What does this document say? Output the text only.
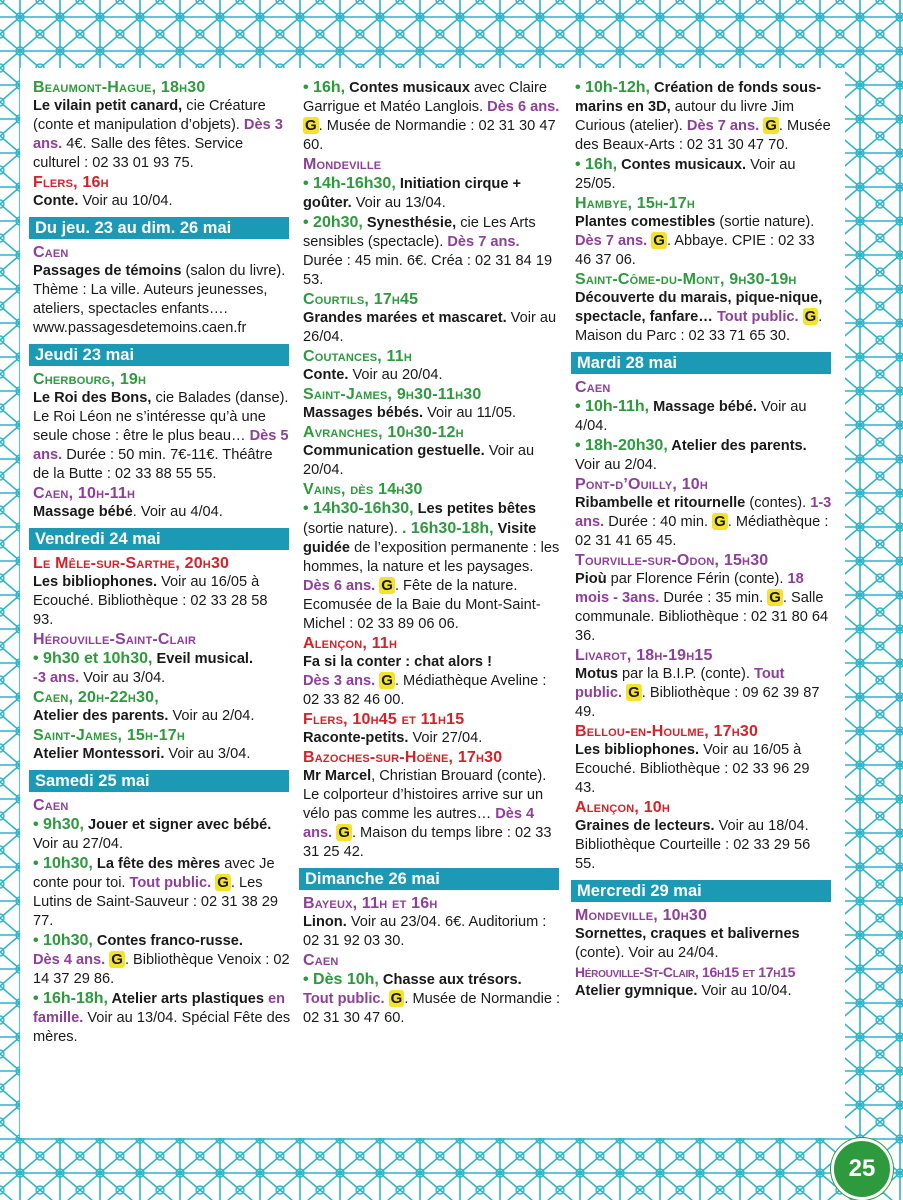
Beaumont-Hague, 18h30

Le vilain petit canard, cie Créature (conte et manipulation d’objets). Dès 3 ans. 4€. Salle des fêtes. Service culturel : 02 33 01 93 75.

Flers, 16h

Conte. Voir au 10/04.

Du jeu. 23 au dim. 26 mai

Caen

Passages de témoins (salon du livre). Thème : La ville. Auteurs jeunesses, ateliers, spectacles enfants…. www.passagesdetemoins.caen.fr

Jeudi 23 mai

Cherbourg, 19h

Le Roi des Bons, cie Balades (danse). Le Roi Léon ne s’intéresse qu’à une seule chose : être le plus beau… Dès 5 ans. Durée : 50 min. 7€-11€. Théâtre de la Butte : 02 33 88 55 55.

Caen, 10h-11h

Massage bébé. Voir au 4/04.

Vendredi 24 mai

Le Mêle-sur-Sarthe, 20h30

Les bibliophones. Voir au 16/05 à Ecouché. Bibliothèque : 02 33 28 58 93.

Hérouville-Saint-Clair

• 9h30 et 10h30, Eveil musical.
-3 ans. Voir au 3/04.

Caen, 20h-22h30,

Atelier des parents. Voir au 2/04.

Saint-James, 15h-17h

Atelier Montessori. Voir au 3/04.

Samedi 25 mai

Caen

• 9h30, Jouer et signer avec bébé. Voir au 27/04.

• 10h30, La fête des mères avec Je conte pour toi. Tout public. G . Les Lutins de Saint-Sauveur : 02 31 38 29 77.

• 10h30, Contes franco-russe.
Dès 4 ans. G . Bibliothèque Venoix : 02 14 37 29 86.

• 16h-18h, Atelier arts plastiques en famille. Voir au 13/04. Spécial Fête des mères.

• 16h, Contes musicaux avec Claire Garrigue et Matéo Langlois. Dès 6 ans. G . Musée de Normandie : 02 31 30 47 60.

Mondeville

• 14h-16h30, Initiation cirque + goûter. Voir au 13/04.

• 20h30, Synesthésie, cie Les Arts sensibles (spectacle). Dès 7 ans. Durée : 45 min. 6€. Créa : 02 31 84 19 53.

Courtils, 17h45

Grandes marées et mascaret. Voir au 26/04.

Coutances, 11h

Conte. Voir au 20/04.

Saint-James, 9h30-11h30

Massages bébés. Voir au 11/05.

Avranches, 10h30-12h

Communication gestuelle. Voir au 20/04.

Vains, dès 14h30

• 14h30-16h30, Les petites bêtes (sortie nature). . 16h30-18h, Visite guidée de l’exposition permanente : les hommes, la nature et les paysages. Dès 6 ans. G . Fête de la nature. Ecomusée de la Baie du Mont-Saint-Michel : 02 33 89 06 06.

Alençon, 11h

Fa si la conter : chat alors !
Dès 3 ans. G . Médiathèque Aveline : 02 33 82 46 00.

Flers, 10h45 et 11h15

Raconte-petits. Voir 27/04.

Bazoches-sur-Hoëne, 17h30

Mr Marcel, Christian Brouard (conte). Le colporteur d’histoires arrive sur un vélo pas comme les autres… Dès 4 ans. G . Maison du temps libre : 02 33 31 25 42.

Dimanche 26 mai

Bayeux, 11h et 16h

Linon. Voir au 23/04. 6€. Auditorium : 02 31 92 03 30.

Caen

• Dès 10h, Chasse aux trésors.
Tout public. G . Musée de Normandie : 02 31 30 47 60.

• 10h-12h, Création de fonds sous-marins en 3D, autour du livre Jim Curious (atelier). Dès 7 ans. G . Musée des Beaux-Arts : 02 31 30 47 70.

• 16h, Contes musicaux. Voir au 25/05.

Hambye, 15h-17h

Plantes comestibles (sortie nature). Dès 7 ans. G . Abbaye. CPIE : 02 33 46 37 06.

Saint-Côme-du-Mont, 9h30-19h

Découverte du marais, pique-nique, spectacle, fanfare… Tout public. G . Maison du Parc : 02 33 71 65 30.

Mardi 28 mai

Caen

• 10h-11h, Massage bébé. Voir au 4/04.

• 18h-20h30, Atelier des parents. Voir au 2/04.

Pont-d’Ouilly, 10h

Ribambelle et ritournelle (contes). 1-3 ans. Durée : 40 min. G . Médiathèque : 02 31 41 65 45.

Tourville-sur-Odon, 15h30

Pioù par Florence Férin (conte). 18 mois - 3ans. Durée : 35 min. G . Salle communale. Bibliothèque : 02 31 80 64 36.

Livarot, 18h-19h15

Motus par la B.I.P. (conte). Tout public. G . Bibliothèque : 09 62 39 87 49.

Bellou-en-Houlme, 17h30

Les bibliophones. Voir au 16/05 à Ecouché. Bibliothèque : 02 33 96 29 43.

Alençon, 10h

Graines de lecteurs. Voir au 18/04. Bibliothèque Courteille : 02 33 29 56 55.

Mercredi 29 mai

Mondeville, 10h30

Sornettes, craques et balivernes (conte). Voir au 24/04.

Hérouville-St-Clair, 16h15 et 17h15

Atelier gymnique. Voir au 10/04.

25
